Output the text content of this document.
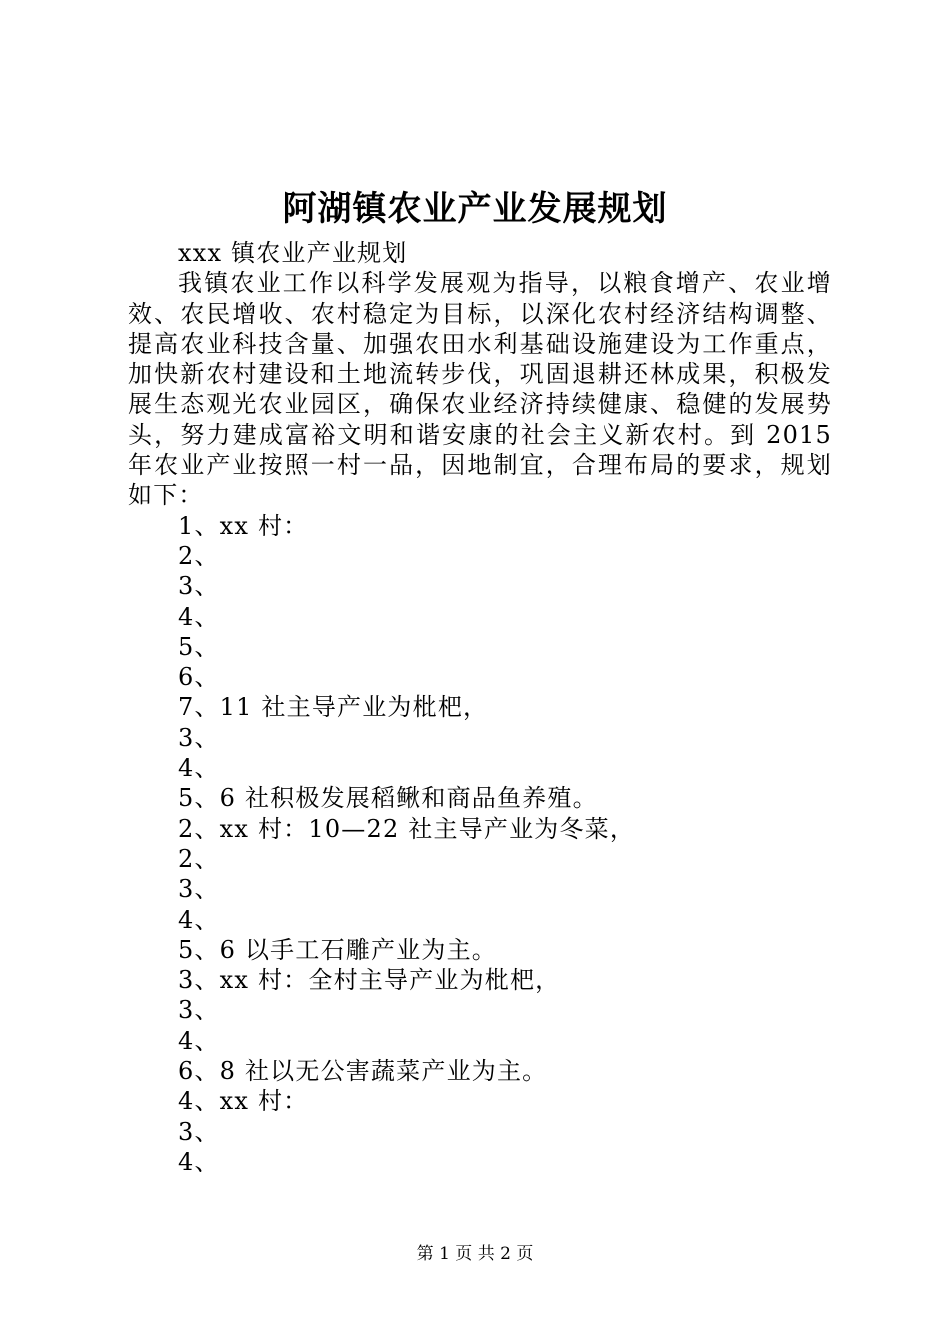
阿湖镇农业产业发展规划

xxx 镇农业产业规划

我镇农业工作以科学发展观为指导，以粮食增产、农业增效、农民增收、农村稳定为目标，以深化农村经济结构调整、提高农业科技含量、加强农田水利基础设施建设为工作重点，加快新农村建设和土地流转步伐，巩固退耕还林成果，积极发展生态观光农业园区，确保农业经济持续健康、稳健的发展势头，努力建成富裕文明和谐安康的社会主义新农村。到 2015 年农业产业按照一村一品，因地制宜，合理布局的要求，规划如下：

1、xx 村：

2、

3、

4、

5、

6、

7、11 社主导产业为枇杷，

3、

4、

5、6 社积极发展稻鳅和商品鱼养殖。

2、xx 村：10—22 社主导产业为冬菜，

2、

3、

4、

5、6 以手工石雕产业为主。

3、xx 村：全村主导产业为枇杷，

3、

4、

6、8 社以无公害蔬菜产业为主。

4、xx 村：

3、

4、

第 1 页 共 2 页
